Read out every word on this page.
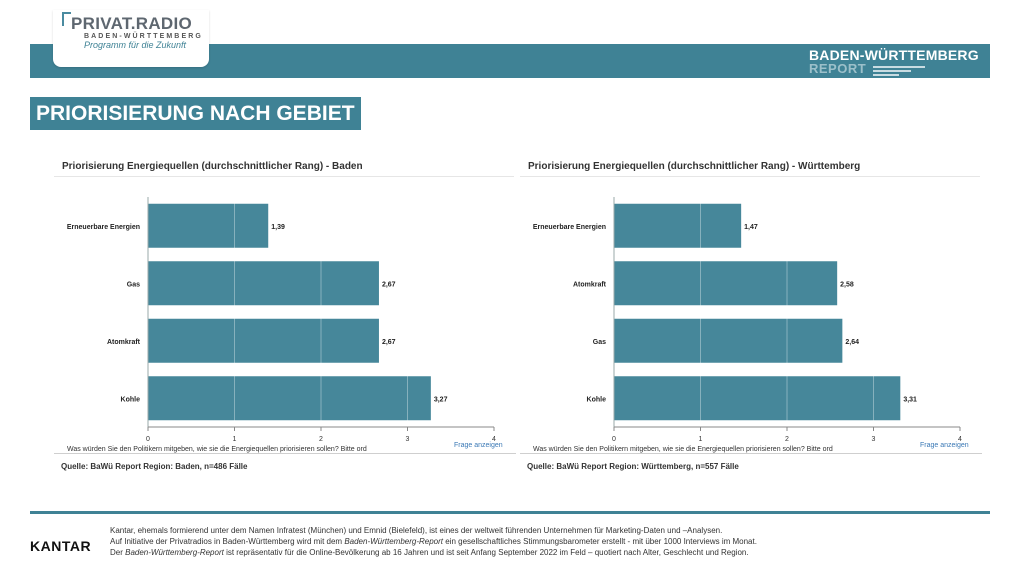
PRIVAT.RADIO
BADEN-WÜRTTEMBERG
Programm für die Zukunft
BADEN-WÜRTTEMBERG
REPORT
PRIORISIERUNG NACH GEBIET
Priorisierung Energiequellen (durchschnittlicher Rang) - Baden
Erneuerbare Energien	1,39
Gas	2,67
Atomkraft	2,67
Kohle	3,27
0	1	2	3	4
Frage anzeigen
Was würden Sie den Politikern mitgeben, wie sie die Energiequellen priorisieren sollen? Bitte ord
Quelle: BaWü Report Region: Baden, n=486 Fälle
Priorisierung Energiequellen (durchschnittlicher Rang) - Württemberg
Erneuerbare Energien	1,47
Atomkraft	2,58
Gas	2,64
Kohle	3,31
0	1	2	3	4
Frage anzeigen
Was würden Sie den Politikern mitgeben, wie sie die Energiequellen priorisieren sollen? Bitte ord
Quelle: BaWü Report Region: Württemberg, n=557 Fälle
KANTAR
Kantar, ehemals formierend unter dem Namen Infratest (München) und Emnid (Bielefeld), ist eines der weltweit führenden Unternehmen für Marketing-Daten und –Analysen.
Auf Initiative der Privatradios in Baden-Württemberg wird mit dem Baden-Württemberg-Report ein gesellschaftliches Stimmungsbarometer erstellt - mit über 1000 Interviews im Monat.
Der Baden-Württemberg-Report ist repräsentativ für die Online-Bevölkerung ab 16 Jahren und ist seit Anfang September 2022 im Feld – quotiert nach Alter, Geschlecht und Region.
